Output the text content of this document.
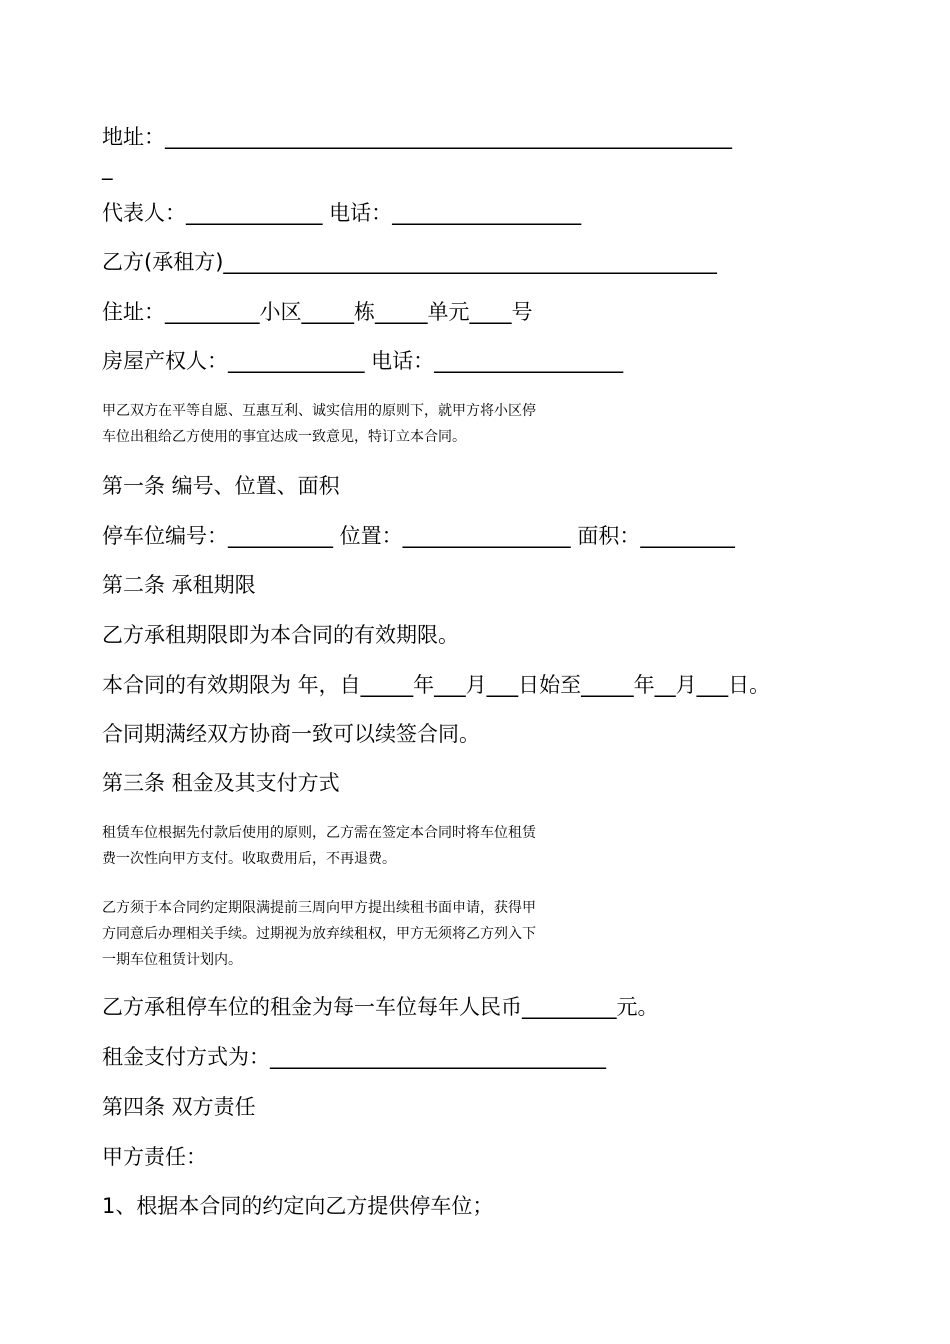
地址：______________________________________________________

_

代表人：_____________ 电话：__________________

乙方(承租方)_______________________________________________

住址：_________小区_____栋_____单元____号

房屋产权人：_____________ 电话：__________________

甲乙双方在平等自愿、互惠互利、诚实信用的原则下，就甲方将小区停
车位出租给乙方使用的事宜达成一致意见，特订立本合同。

第一条 编号、位置、面积

停车位编号：__________ 位置：________________ 面积：_________

第二条 承租期限

乙方承租期限即为本合同的有效期限。

本合同的有效期限为 年，自_____年___月___日始至_____年__月___日。

合同期满经双方协商一致可以续签合同。

第三条 租金及其支付方式

租赁车位根据先付款后使用的原则，乙方需在签定本合同时将车位租赁
费一次性向甲方支付。收取费用后，不再退费。
乙方须于本合同约定期限满提前三周向甲方提出续租书面申请，获得甲
方同意后办理相关手续。过期视为放弃续租权，甲方无须将乙方列入下
一期车位租赁计划内。

乙方承租停车位的租金为每一车位每年人民币_________元。

租金支付方式为：________________________________

第四条 双方责任

甲方责任：

1、根据本合同的约定向乙方提供停车位；
